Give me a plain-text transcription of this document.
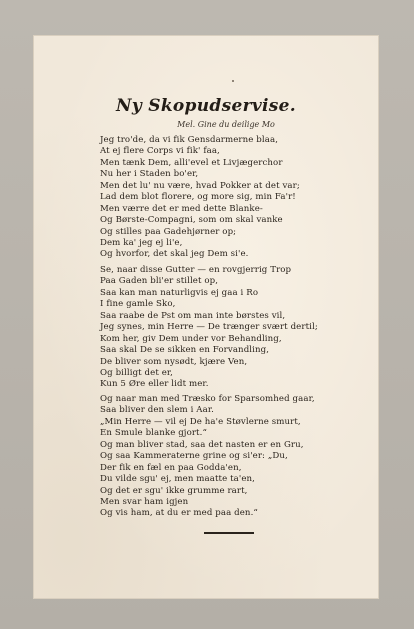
Ny Skopudservise.

Mel. Gine du deilige Mo

Jeg tro'de, da vi fik Gensdarmerne blaa,
At ej flere Corps vi fik' faa,
Men tænk Dem, alli'evel et Livjægerchor
Nu her i Staden bo'er,
Men det lu' nu være, hvad Pokker at det var;
Lad dem blot florere, og more sig, min Fa'r!
Men værre det er med dette Blanke-
Og Børste-Compagni, som om skal vanke
Og stilles paa Gadehjørner op;
Dem ka' jeg ej li'e,
Og hvorfor, det skal jeg Dem si'e.
Se, naar disse Gutter — en rovgjerrig Trop
Paa Gaden bli'er stillet op,
Saa kan man naturligvis ej gaa i Ro
I fine gamle Sko,
Saa raabe de Pst om man inte børstes vil,
Jeg synes, min Herre — De trænger svært dertil;
Kom her, giv Dem under vor Behandling,
Saa skal De se sikken en Forvandling,
De bliver som nysødt, kjære Ven,
Og billigt det er,
Kun 5 Øre eller lidt mer.
Og naar man med Træsko for Sparsomhed gaar,
Saa bliver den slem i Aar.
„Min Herre — vil ej De ha'e Støvlerne smurt,
En Smule blanke gjort.“
Og man bliver stad, saa det nasten er en Gru,
Og saa Kammeraterne grine og si'er: „Du,
Der fik en fæl en paa Godda'en,
Du vilde sgu' ej, men maatte ta'en,
Og det er sgu' ikke grumme rart,
Men svar ham igjen
Og vis ham, at du er med paa den.“
